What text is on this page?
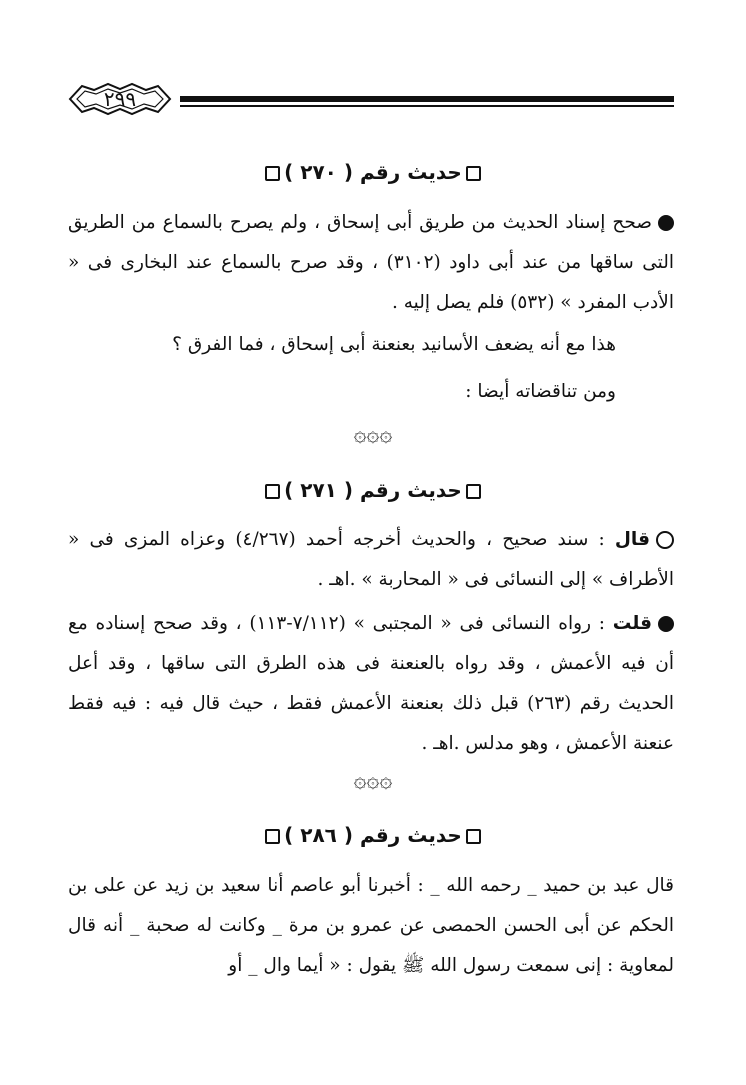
٢٩٩
حديث رقم ( ٢٧٠ )
صحح إسناد الحديث من طريق أبى إسحاق ، ولم يصرح بالسماع من الطريق التى ساقها من عند أبى داود (٣١٠٢) ، وقد صرح بالسماع عند البخارى فى « الأدب المفرد » (٥٣٢) فلم يصل إليه .
هذا مع أنه يضعف الأسانيد بعنعنة أبى إسحاق ، فما الفرق ؟
ومن تناقضاته أيضا :
۞۞۞
حديث رقم ( ٢٧١ )
قال : سند صحيح ، والحديث أخرجه أحمد (٤/٢٦٧) وعزاه المزى فى « الأطراف » إلى النسائى فى « المحاربة » .اهـ .
قلت : رواه النسائى فى « المجتبى » (٧/١١٢-١١٣) ، وقد صحح إسناده مع أن فيه الأعمش ، وقد رواه بالعنعنة فى هذه الطرق التى ساقها ، وقد أعل الحديث رقم (٢٦٣) قبل ذلك بعنعنة الأعمش فقط ، حيث قال فيه : فيه فقط عنعنة الأعمش ، وهو مدلس .اهـ .
۞۞۞
حديث رقم ( ٢٨٦ )
قال عبد بن حميد _ رحمه الله _ : أخبرنا أبو عاصم أنا سعيد بن زيد عن على بن الحكم عن أبى الحسن الحمصى عن عمرو بن مرة _ وكانت له صحبة _ أنه قال لمعاوية : إنى سمعت رسول الله ﷺ يقول : « أيما وال _ أو
